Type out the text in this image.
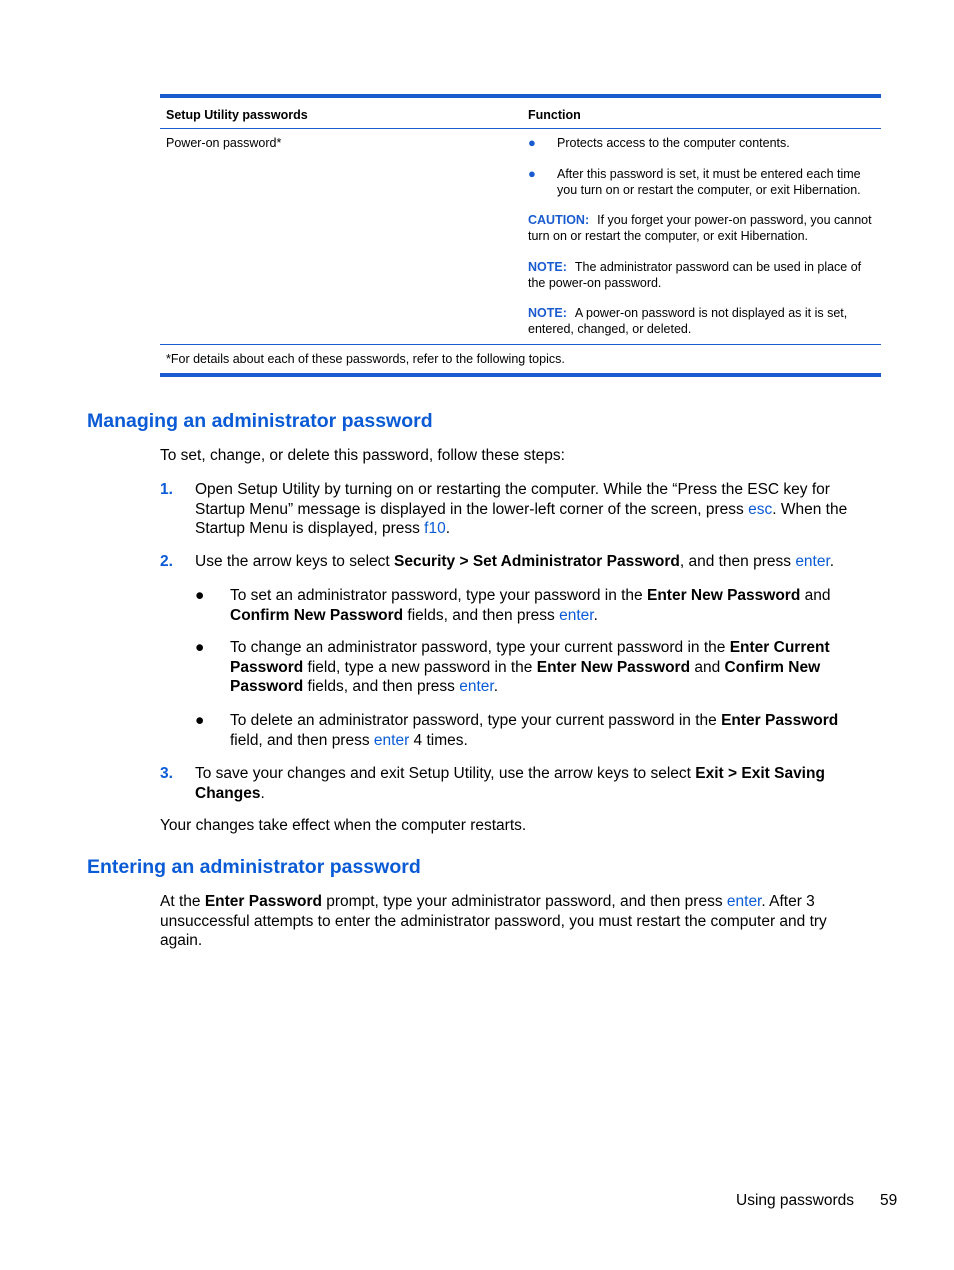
Setup Utility passwords	Function
Power-on password*	● Protects access to the computer contents.
● After this password is set, it must be entered each time you turn on or restart the computer, or exit Hibernation.
CAUTION: If you forget your power-on password, you cannot turn on or restart the computer, or exit Hibernation.
NOTE: The administrator password can be used in place of the power-on password.
NOTE: A power-on password is not displayed as it is set, entered, changed, or deleted.
*For details about each of these passwords, refer to the following topics.
Managing an administrator password

To set, change, or delete this password, follow these steps:

1. Open Setup Utility by turning on or restarting the computer. While the “Press the ESC key for Startup Menu” message is displayed in the lower-left corner of the screen, press esc. When the Startup Menu is displayed, press f10.
2. Use the arrow keys to select Security > Set Administrator Password, and then press enter.
● To set an administrator password, type your password in the Enter New Password and Confirm New Password fields, and then press enter.
● To change an administrator password, type your current password in the Enter Current Password field, type a new password in the Enter New Password and Confirm New Password fields, and then press enter.
● To delete an administrator password, type your current password in the Enter Password field, and then press enter 4 times.
3. To save your changes and exit Setup Utility, use the arrow keys to select Exit > Exit Saving Changes.

Your changes take effect when the computer restarts.

Entering an administrator password

At the Enter Password prompt, type your administrator password, and then press enter. After 3 unsuccessful attempts to enter the administrator password, you must restart the computer and try again.

Using passwords 59
